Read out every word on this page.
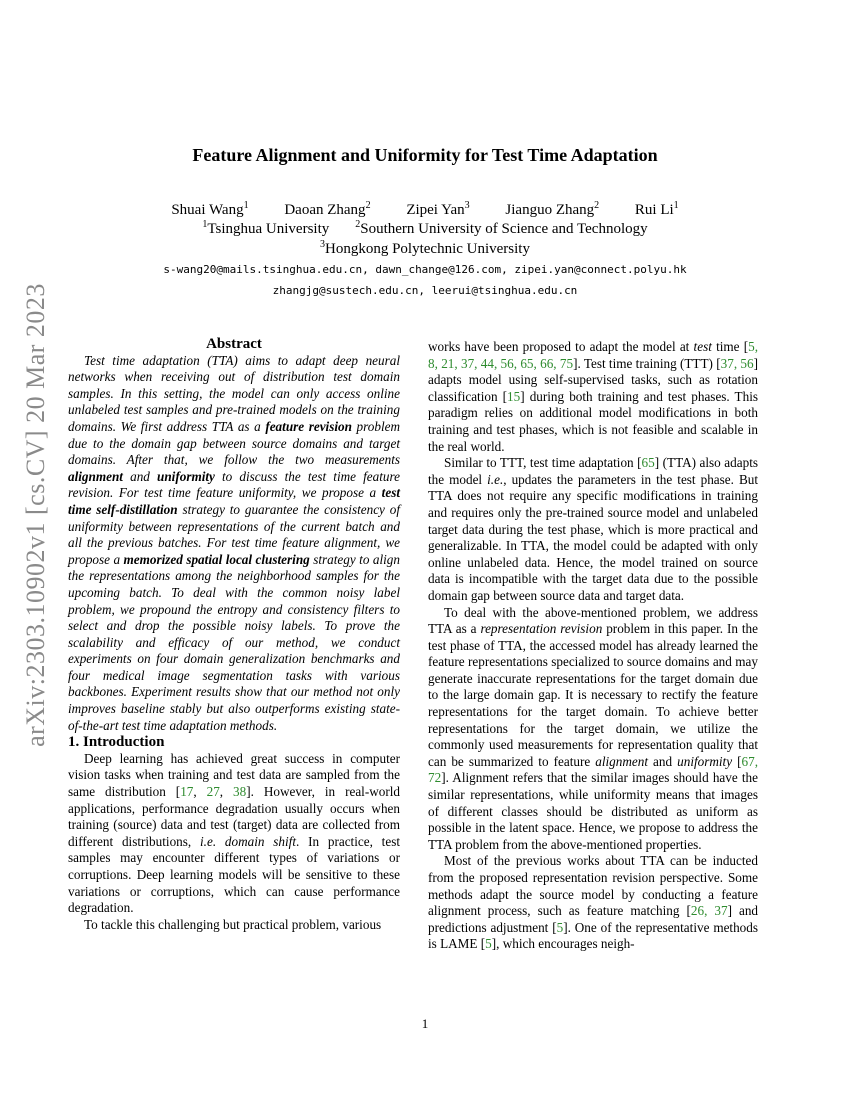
arXiv:2303.10902v1 [cs.CV] 20 Mar 2023
Feature Alignment and Uniformity for Test Time Adaptation
Shuai Wang$^1$ Daoan Zhang$^2$ Zipei Yan$^3$ Jianguo Zhang$^2$ Rui Li$^1$
$^1$Tsinghua University	$^2$Southern University of Science and Technology
$^3$Hongkong Polytechnic University
s-wang20@mails.tsinghua.edu.cn, dawn_change@126.com, zipei.yan@connect.polyu.hk
zhangjg@sustech.edu.cn, leerui@tsinghua.edu.cn

Abstract

Test time adaptation (TTA) aims to adapt deep neural networks when receiving out of distribution test domain samples. In this setting, the model can only access online unlabeled test samples and pre-trained models on the training domains. We first address TTA as a feature revision problem due to the domain gap between source domains and target domains. After that, we follow the two measurements alignment and uniformity to discuss the test time feature revision. For test time feature uniformity, we propose a test time self-distillation strategy to guarantee the consistency of uniformity between representations of the current batch and all the previous batches. For test time feature alignment, we propose a memorized spatial local clustering strategy to align the representations among the neighborhood samples for the upcoming batch. To deal with the common noisy label problem, we propound the entropy and consistency filters to select and drop the possible noisy labels. To prove the scalability and efficacy of our method, we conduct experiments on four domain generalization benchmarks and four medical image segmentation tasks with various backbones. Experiment results show that our method not only improves baseline stably but also outperforms existing state-of-the-art test time adaptation methods.

1. Introduction

Deep learning has achieved great success in computer vision tasks when training and test data are sampled from the same distribution [17, 27, 38]. However, in real-world applications, performance degradation usually occurs when training (source) data and test (target) data are collected from different distributions, i.e. domain shift. In practice, test samples may encounter different types of variations or corruptions. Deep learning models will be sensitive to these variations or corruptions, which can cause performance degradation.

To tackle this challenging but practical problem, various

works have been proposed to adapt the model at test time [5, 8, 21, 37, 44, 56, 65, 66, 75]. Test time training (TTT) [37, 56] adapts model using self-supervised tasks, such as rotation classification [15] during both training and test phases. This paradigm relies on additional model modifications in both training and test phases, which is not feasible and scalable in the real world.

Similar to TTT, test time adaptation [65] (TTA) also adapts the model i.e., updates the parameters in the test phase. But TTA does not require any specific modifications in training and requires only the pre-trained source model and unlabeled target data during the test phase, which is more practical and generalizable. In TTA, the model could be adapted with only online unlabeled data. Hence, the model trained on source data is incompatible with the target data due to the possible domain gap between source data and target data.

To deal with the above-mentioned problem, we address TTA as a representation revision problem in this paper. In the test phase of TTA, the accessed model has already learned the feature representations specialized to source domains and may generate inaccurate representations for the target domain due to the large domain gap. It is necessary to rectify the feature representations for the target domain. To achieve better representations for the target domain, we utilize the commonly used measurements for representation quality that can be summarized to feature alignment and uniformity [67, 72]. Alignment refers that the similar images should have the similar representations, while uniformity means that images of different classes should be distributed as uniform as possible in the latent space. Hence, we propose to address the TTA problem from the above-mentioned properties.

Most of the previous works about TTA can be inducted from the proposed representation revision perspective. Some methods adapt the source model by conducting a feature alignment process, such as feature matching [26, 37] and predictions adjustment [5]. One of the representative methods is LAME [5], which encourages neigh-

1
